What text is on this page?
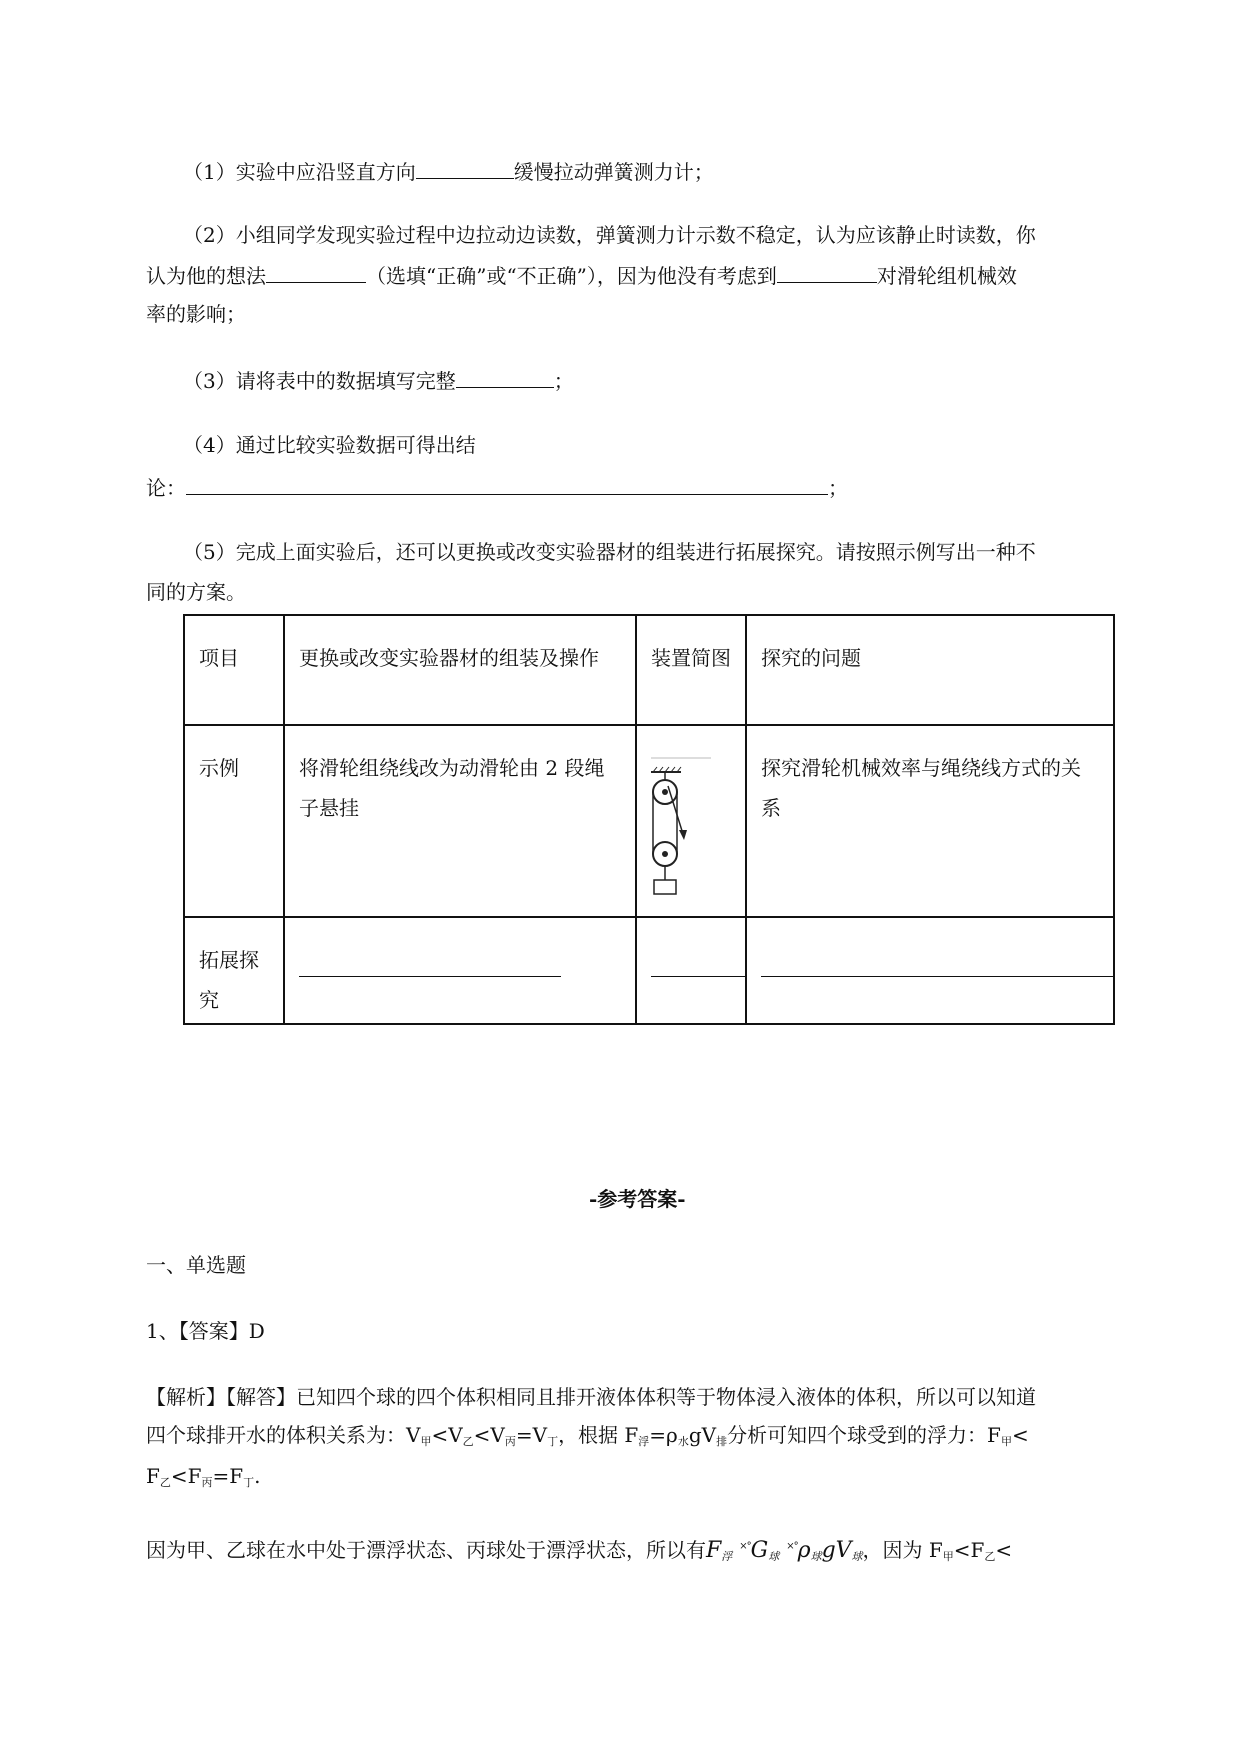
（1）实验中应沿竖直方向	缓慢拉动弹簧测力计；
（2）小组同学发现实验过程中边拉动边读数，弹簧测力计示数不稳定，认为应该静止时读数，你
认为他的想法	（选填“正确”或“不正确”），因为他没有考虑到	对滑轮组机械效
率的影响；
（3）请将表中的数据填写完整	；
（4）通过比较实验数据可得出结
论：	；
（5）完成上面实验后，还可以更换或改变实验器材的组装进行拓展探究。请按照示例写出一种不
同的方案。
项目	更换或改变实验器材的组装及操作	装置简图	探究的问题

示例	将滑轮组绕线改为动滑轮由 2 段绳子悬挂		探究滑轮机械效率与绳绕线方式的关系

拓展探究			

-参考答案-
一、单选题
1、【答案】D
【解析】【解答】已知四个球的四个体积相同且排开液体体积等于物体浸入液体的体积，所以可以知道
四个球排开水的体积关系为：$V_甲<V_乙<V_丙=V_丁$，根据 $F_浮=\rho_水gV_排$分析可知四个球受到的浮力：$F_甲<$
$F_乙<F_丙=F_丁$.
因为甲、乙球在水中处于漂浮状态、丙球处于漂浮状态，所以有$F_浮$ $^{\times^\circ}G_球$ $^{\times^\circ}\rho_球gV_球$，因为 $F_甲<F_乙<$
